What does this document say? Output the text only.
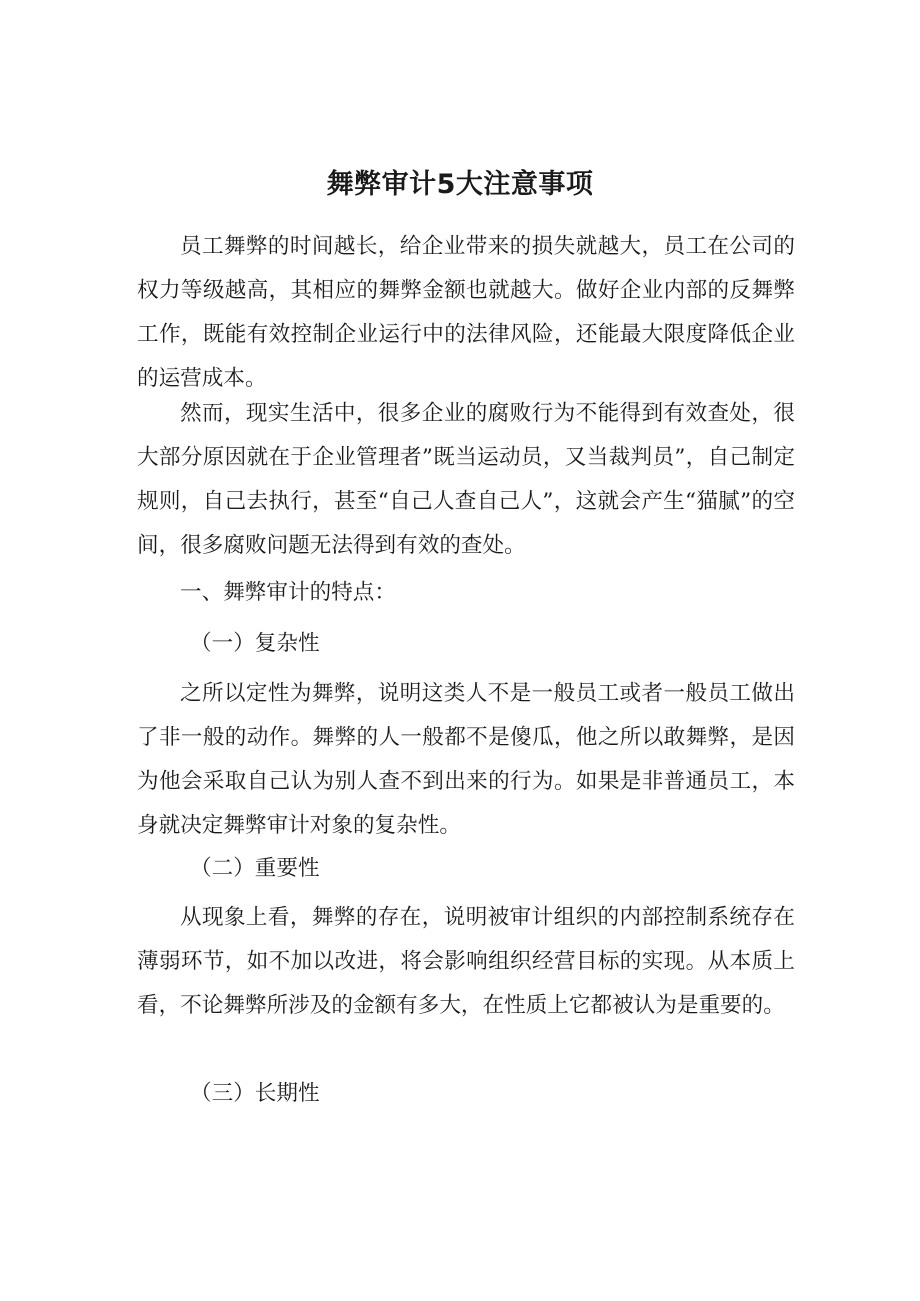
舞弊审计5大注意事项

员工舞弊的时间越长，给企业带来的损失就越大，员工在公司的权力等级越高，其相应的舞弊金额也就越大。做好企业内部的反舞弊工作，既能有效控制企业运行中的法律风险，还能最大限度降低企业的运营成本。

然而，现实生活中，很多企业的腐败行为不能得到有效查处，很大部分原因就在于企业管理者”既当运动员，又当裁判员”，自己制定规则，自己去执行，甚至“自己人查自己人”，这就会产生“猫腻”的空间，很多腐败问题无法得到有效的查处。

一、舞弊审计的特点：

（一）复杂性

之所以定性为舞弊，说明这类人不是一般员工或者一般员工做出了非一般的动作。舞弊的人一般都不是傻瓜，他之所以敢舞弊，是因为他会采取自己认为别人查不到出来的行为。如果是非普通员工，本身就决定舞弊审计对象的复杂性。

（二）重要性

从现象上看，舞弊的存在，说明被审计组织的内部控制系统存在薄弱环节，如不加以改进，将会影响组织经营目标的实现。从本质上看，不论舞弊所涉及的金额有多大，在性质上它都被认为是重要的。

（三）长期性
